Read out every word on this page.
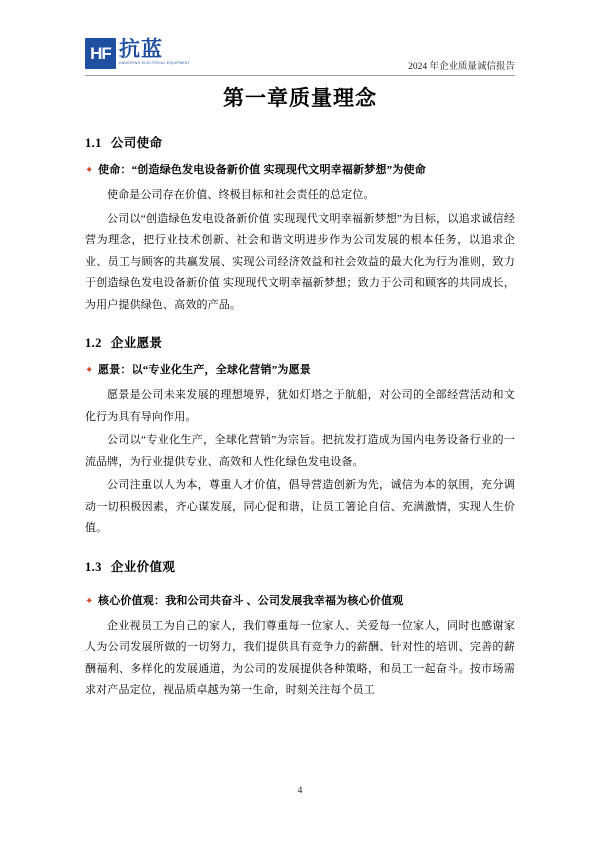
HF 抗蓝
HANGFENG ELECTRICAL EQUIPMENT	2024 年企业质量诚信报告
第一章质量理念
1.1 公司使命
✦ 使命：“创造绿色发电设备新价值 实现现代文明幸福新梦想”为使命

使命是公司存在价值、终极目标和社会责任的总定位。

公司以“创造绿色发电设备新价值 实现现代文明幸福新梦想”为目标，以追求诚信经营为理念，把行业技术创新、社会和谐文明进步作为公司发展的根本任务，以追求企业、员工与顾客的共赢发展、实现公司经济效益和社会效益的最大化为行为准则，致力于创造绿色发电设备新价值 实现现代文明幸福新梦想；致力于公司和顾客的共同成长，为用户提供绿色、高效的产品。

1.2 企业愿景
✦ 愿景：以“专业化生产，全球化营销”为愿景

愿景是公司未来发展的理想境界，犹如灯塔之于航船，对公司的全部经营活动和文化行为具有导向作用。

公司以“专业化生产，全球化营销”为宗旨。把抗发打造成为国内电务设备行业的一流品牌，为行业提供专业、高效和人性化绿色发电设备。

公司注重以人为本，尊重人才价值，倡导营造创新为先，诚信为本的氛围，充分调动一切积极因素，齐心谋发展，同心促和谐，让员工箸论自信、充满激情，实现人生价值。

1.3 企业价值观
✦ 核心价值观：我和公司共奋斗 、公司发展我幸福为核心价值观

企业视员工为自己的家人，我们尊重每一位家人、关爱每一位家人，同时也感谢家人为公司发展所做的一切努力，我们提供具有竞争力的薪酬、针对性的培训、完善的薪酬福利、多样化的发展通道，为公司的发展提供各种策略，和员工一起奋斗。按市场需求对产品定位，视品质卓越为第一生命，时刻关注每个员工

4
